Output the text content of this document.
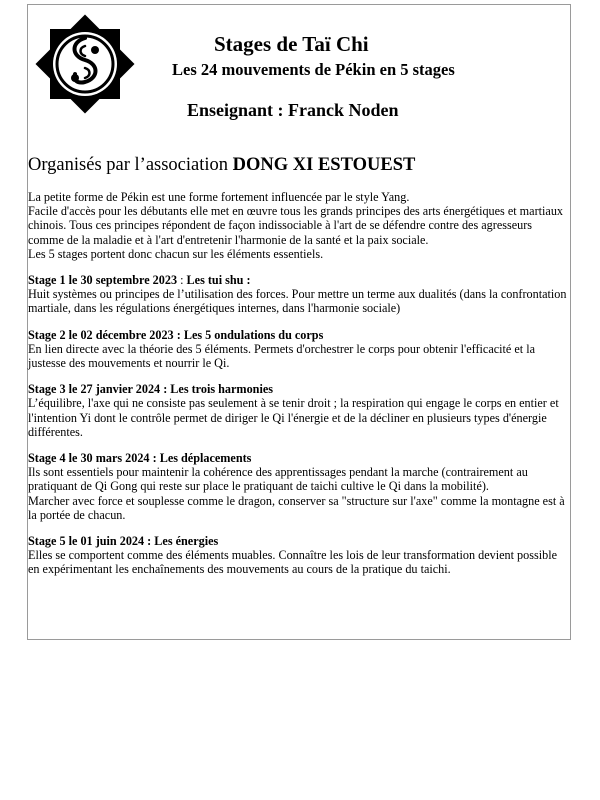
Stages de Taï Chi
Les 24 mouvements de Pékin en 5 stages
Enseignant : Franck Noden

Organisés par l’association DONG XI ESTOUEST

La petite forme de Pékin est une forme fortement influencée par le style Yang.

Facile d'accès pour les débutants elle met en œuvre tous les grands principes des arts énergétiques et martiaux chinois. Tous ces principes répondent de façon indissociable à l'art de se défendre contre des agresseurs comme de la maladie et à l'art d'entretenir l'harmonie de la santé et la paix sociale.

Les 5 stages portent donc chacun sur les éléments essentiels.

Stage 1 le 30 septembre 2023 : Les tui shu :

Huit systèmes ou principes de l’utilisation des forces. Pour mettre un terme aux dualités (dans la confrontation martiale, dans les régulations énergétiques internes, dans l'harmonie sociale)

Stage 2 le 02 décembre 2023 : Les 5 ondulations du corps

En lien directe avec la théorie des 5 éléments. Permets d'orchestrer le corps pour obtenir l'efficacité et la justesse des mouvements et nourrir le Qi.

Stage 3 le 27 janvier 2024 : Les trois harmonies

L’équilibre, l'axe qui ne consiste pas seulement à se tenir droit ; la respiration qui engage le corps en entier et l'intention Yi dont le contrôle permet de diriger le Qi l'énergie et de la décliner en plusieurs types d'énergie différentes.

Stage 4 le 30 mars 2024 : Les déplacements

Ils sont essentiels pour maintenir la cohérence des apprentissages pendant la marche (contrairement au pratiquant de Qi Gong qui reste sur place le pratiquant de taichi cultive le Qi dans la mobilité).

Marcher avec force et souplesse comme le dragon, conserver sa "structure sur l'axe" comme la montagne est à la portée de chacun.

Stage 5 le 01 juin 2024 : Les énergies

Elles se comportent comme des éléments muables. Connaître les lois de leur transformation devient possible en expérimentant les enchaînements des mouvements au cours de la pratique du taichi.
